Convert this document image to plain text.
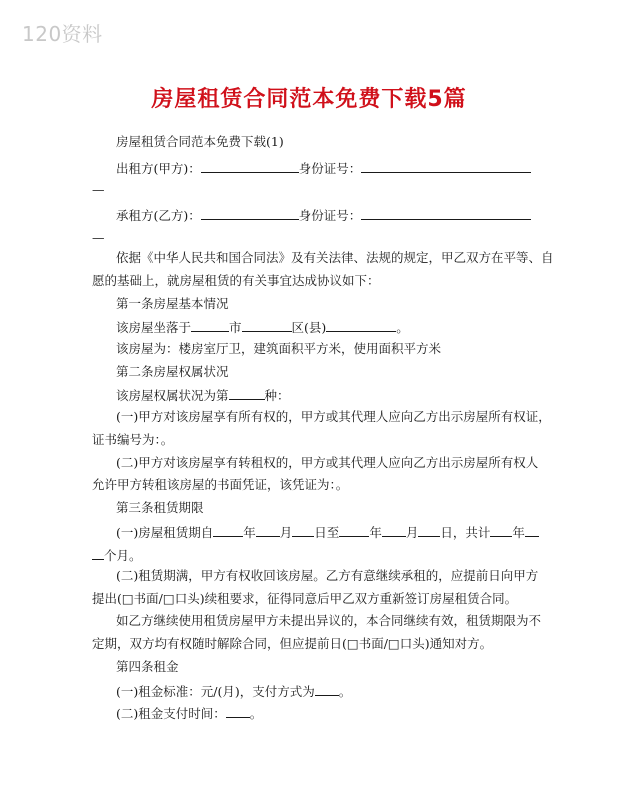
120资料
房屋租赁合同范本免费下载5篇
房屋租赁合同范本免费下载(1)
出租方(甲方)：	身份证号：
—
承租方(乙方)：	身份证号：
—
依据《中华人民共和国合同法》及有关法律、法规的规定，甲乙双方在平等、自
愿的基础上，就房屋租赁的有关事宜达成协议如下：
第一条房屋基本情况
该房屋坐落于	市	区(县)	。
该房屋为：楼房室厅卫，建筑面积平方米，使用面积平方米
第二条房屋权属状况
该房屋权属状况为第	种：
(一)甲方对该房屋享有所有权的，甲方或其代理人应向乙方出示房屋所有权证，
证书编号为：。
(二)甲方对该房屋享有转租权的，甲方或其代理人应向乙方出示房屋所有权人
允许甲方转租该房屋的书面凭证，该凭证为：。
第三条租赁期限
(一)房屋租赁期自 年 月 日至 年 月 日，共计 年
个月。
(二)租赁期满，甲方有权收回该房屋。乙方有意继续承租的，应提前日向甲方
提出(□书面/□口头)续租要求，征得同意后甲乙双方重新签订房屋租赁合同。
如乙方继续使用租赁房屋甲方未提出异议的，本合同继续有效，租赁期限为不
定期，双方均有权随时解除合同，但应提前日(□书面/□口头)通知对方。
第四条租金
(一)租金标准：元/(月)，支付方式为 。
(二)租金支付时间： 。
